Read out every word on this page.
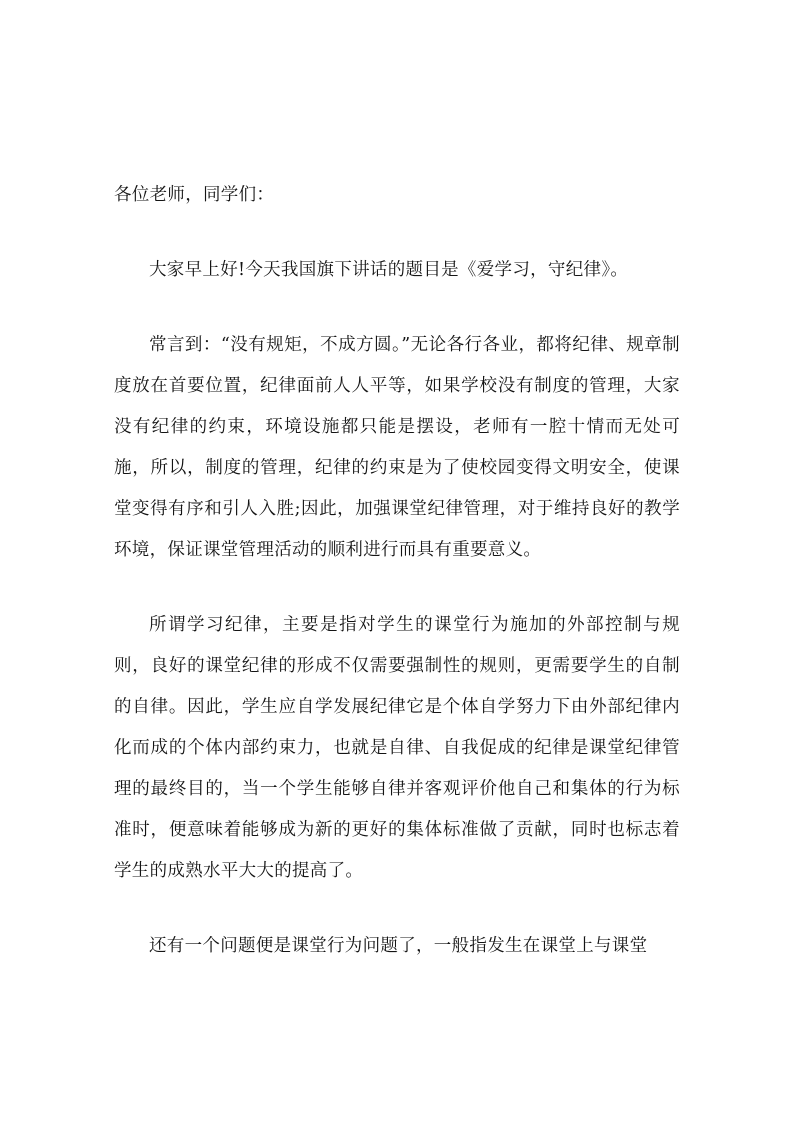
各位老师，同学们：

大家早上好!今天我国旗下讲话的题目是《爱学习，守纪律》。

常言到：“没有规矩，不成方圆。”无论各行各业，都将纪律、规章制度放在首要位置，纪律面前人人平等，如果学校没有制度的管理，大家没有纪律的约束，环境设施都只能是摆设，老师有一腔十情而无处可施，所以，制度的管理，纪律的约束是为了使校园变得文明安全，使课堂变得有序和引人入胜;因此，加强课堂纪律管理，对于维持良好的教学环境，保证课堂管理活动的顺利进行而具有重要意义。

所谓学习纪律，主要是指对学生的课堂行为施加的外部控制与规则，良好的课堂纪律的形成不仅需要强制性的规则，更需要学生的自制的自律。因此，学生应自学发展纪律它是个体自学努力下由外部纪律内化而成的个体内部约束力，也就是自律、自我促成的纪律是课堂纪律管理的最终目的，当一个学生能够自律并客观评价他自己和集体的行为标准时，便意味着能够成为新的更好的集体标准做了贡献，同时也标志着学生的成熟水平大大的提高了。

还有一个问题便是课堂行为问题了，一般指发生在课堂上与课堂
